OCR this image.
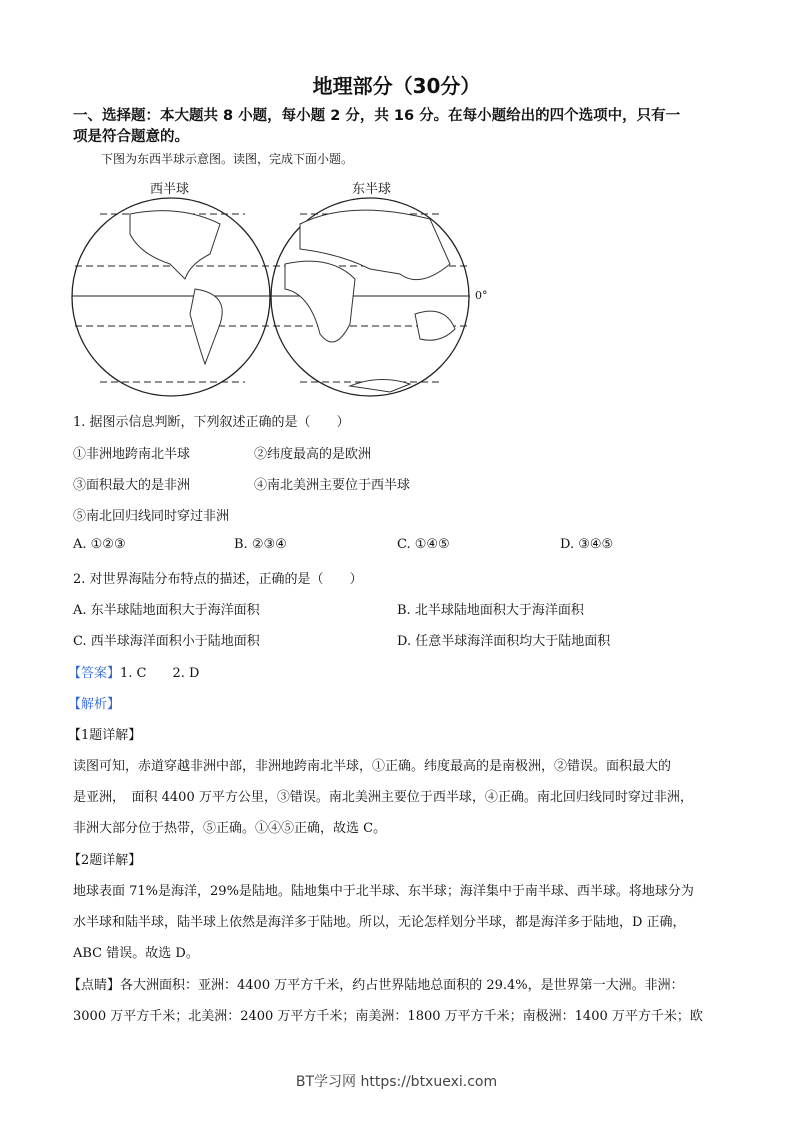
地理部分（30分）
一、选择题：本大题共 8 小题，每小题 2 分，共 16 分。在每小题给出的四个选项中，只有一
项是符合题意的。
下图为东西半球示意图。读图，完成下面小题。
西半球	东半球
0°
1. 据图示信息判断，下列叙述正确的是（　　）
①非洲地跨南北半球	②纬度最高的是欧洲
③面积最大的是非洲	④南北美洲主要位于西半球
⑤南北回归线同时穿过非洲
A. ①②③	B. ②③④	C. ①④⑤	D. ③④⑤
2. 对世界海陆分布特点的描述，正确的是（　　）
A. 东半球陆地面积大于海洋面积	B. 北半球陆地面积大于海洋面积
C. 西半球海洋面积小于陆地面积	D. 任意半球海洋面积均大于陆地面积
【答案】1. C　　2. D
【解析】
【1题详解】
读图可知，赤道穿越非洲中部，非洲地跨南北半球，①正确。纬度最高的是南极洲，②错误。面积最大的
是亚洲，　面积 4400 万平方公里，③错误。南北美洲主要位于西半球，④正确。南北回归线同时穿过非洲，
非洲大部分位于热带，⑤正确。①④⑤正确，故选 C。
【2题详解】
地球表面 71%是海洋，29%是陆地。陆地集中于北半球、东半球；海洋集中于南半球、西半球。将地球分为
水半球和陆半球，陆半球上依然是海洋多于陆地。所以，无论怎样划分半球，都是海洋多于陆地，D 正确，
ABC 错误。故选 D。
【点睛】各大洲面积：亚洲：4400 万平方千米，约占世界陆地总面积的 29.4%，是世界第一大洲。非洲：
3000 万平方千米；北美洲：2400 万平方千米；南美洲：1800 万平方千米；南极洲：1400 万平方千米；欧
BT学习网 https://btxuexi.com
